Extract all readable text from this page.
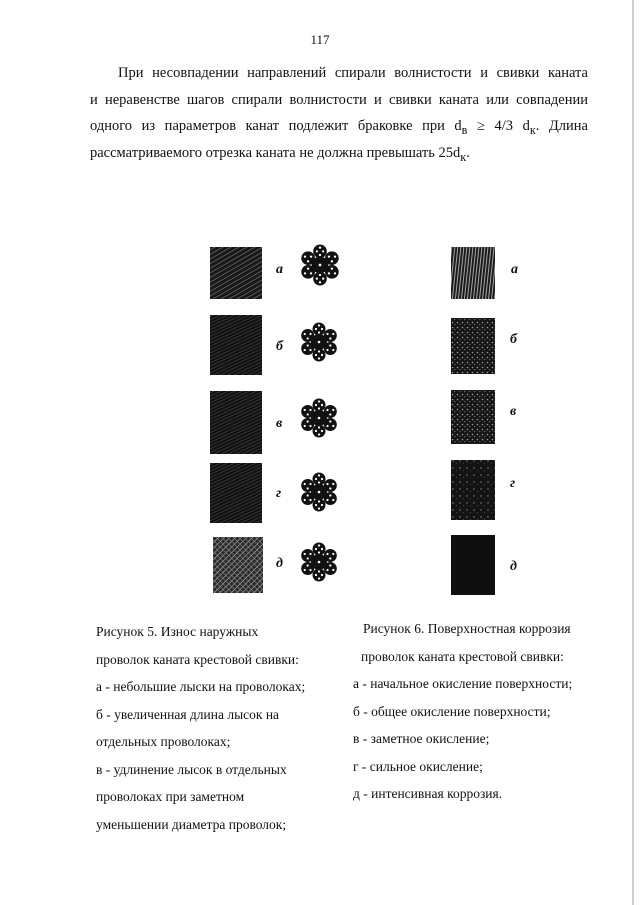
117
При несовпадении направлений спирали волнистости и свивки каната
и неравенстве шагов спирали волнистости и свивки каната или совпадении
одного из параметров канат подлежит браковке при $d_в \ge 4/3$ $d_к$. Длина
рассматриваемого отрезка каната не должна превышать $25d_к$.
а
б
в
г
д
а
б
в
г
д
Рисунок 5. Износ наружных
проволок каната крестовой свивки:
а - небольшие лыски на проволоках;
б - увеличенная длина лысок на
отдельных проволоках;
в - удлинение лысок в отдельных
проволоках при заметном
уменьшении диаметра проволок;
Рисунок 6. Поверхностная коррозия
проволок каната крестовой свивки:
а - начальное окисление поверхности;
б - общее окисление поверхности;
в - заметное окисление;
г - сильное окисление;
д - интенсивная коррозия.
